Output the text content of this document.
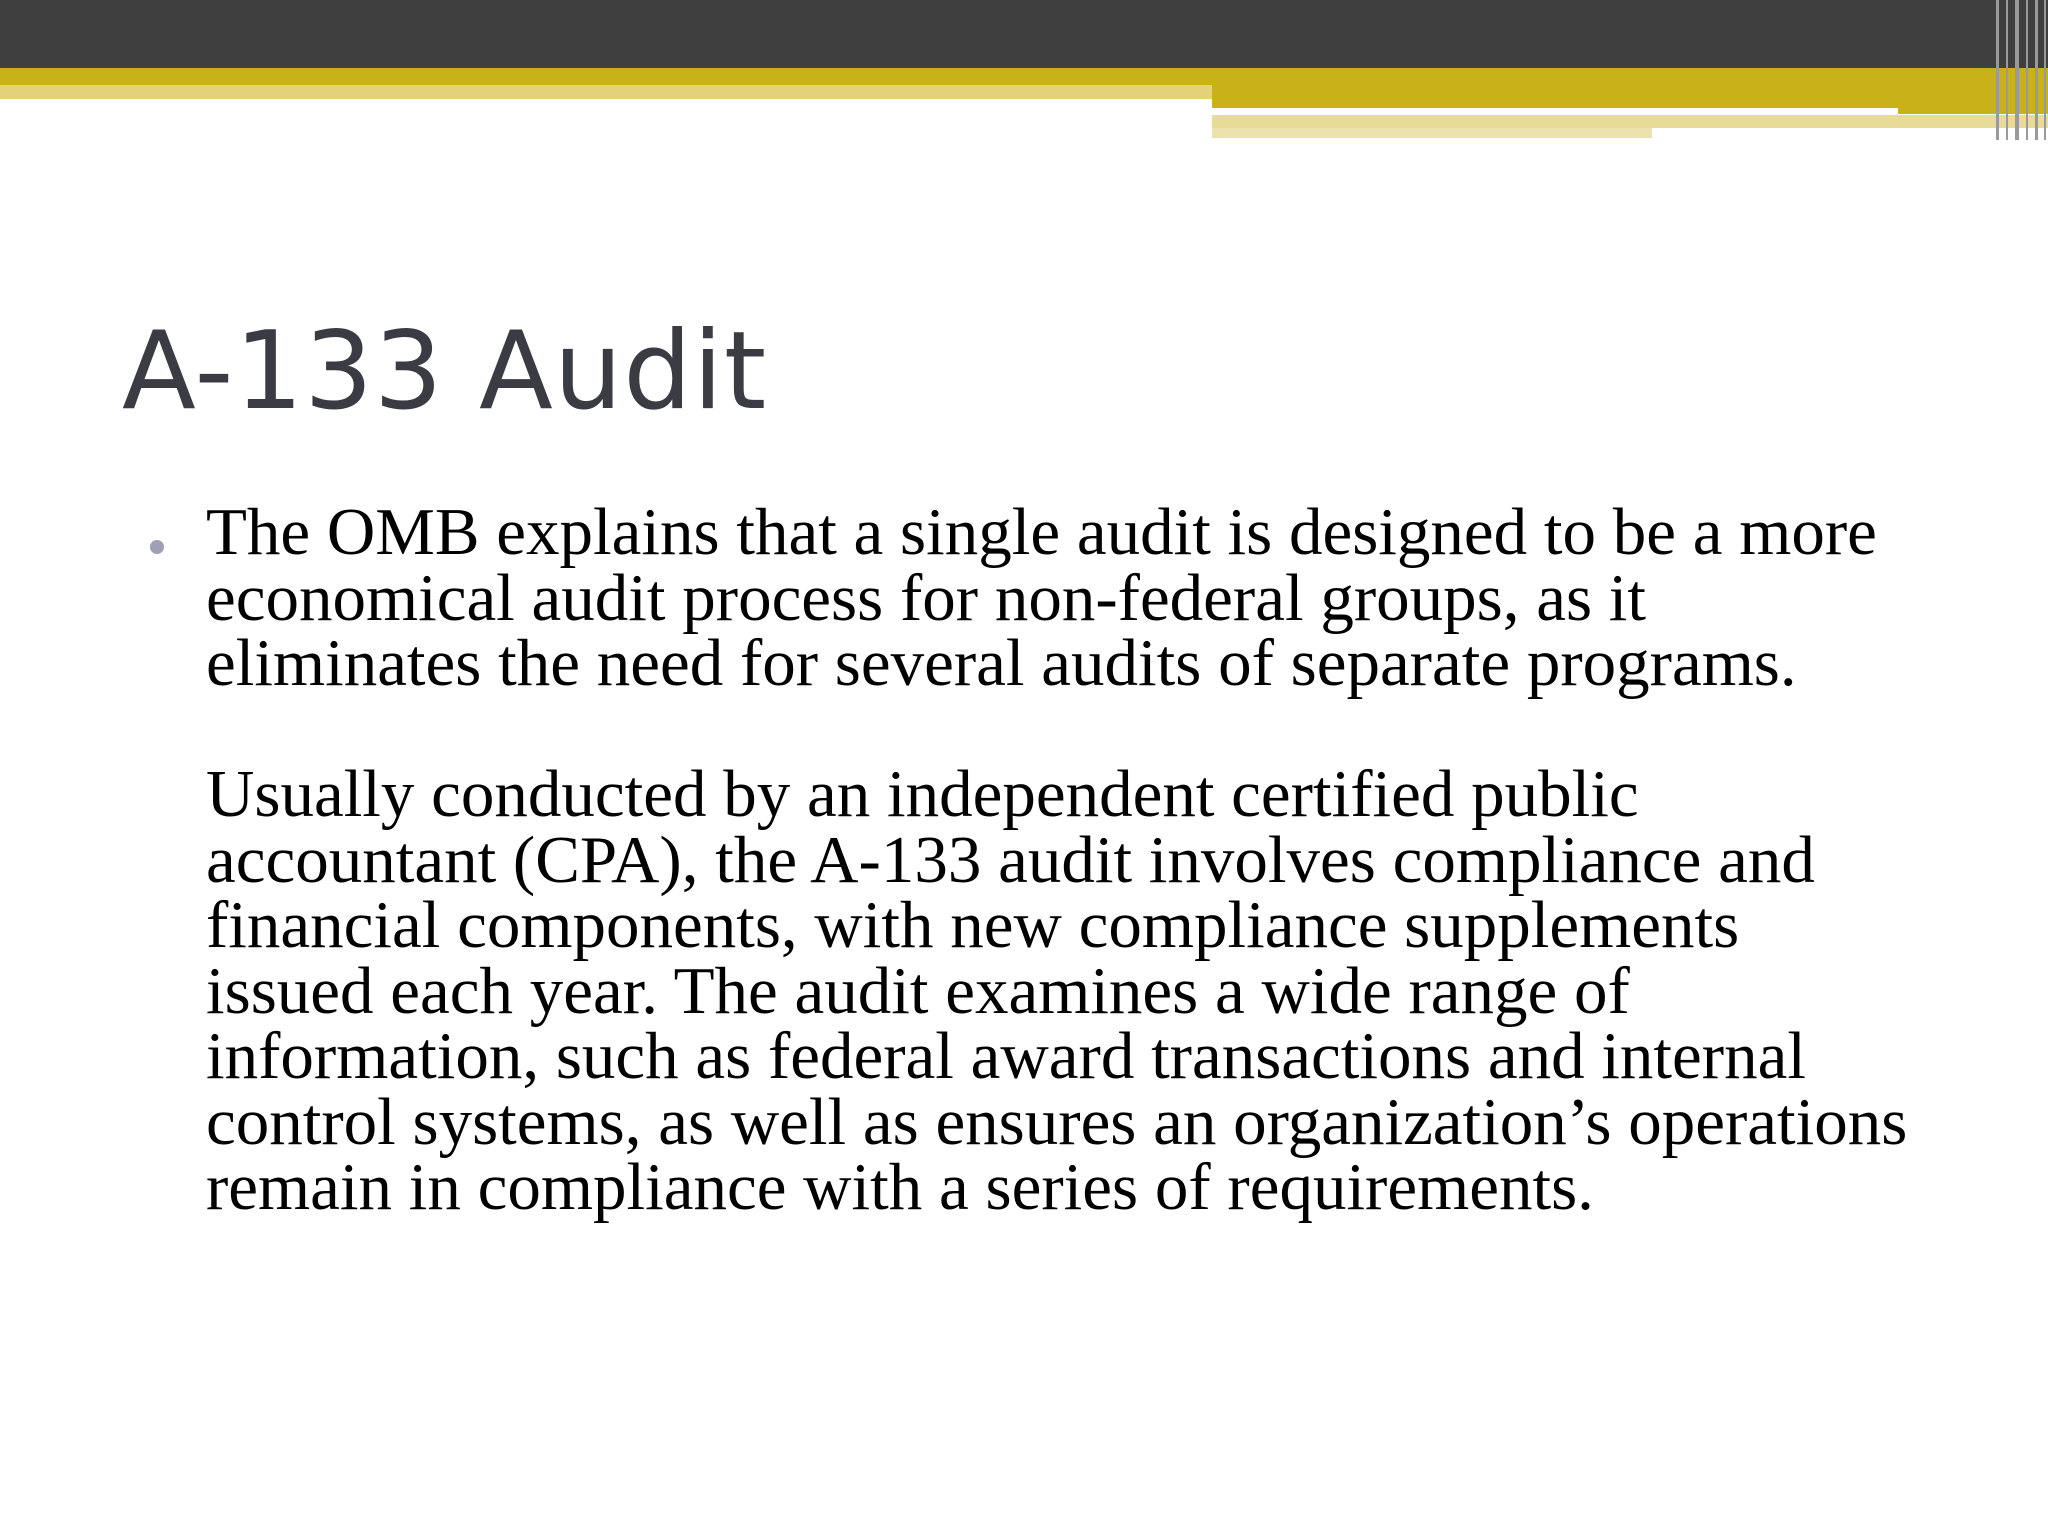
A-133 Audit

The OMB explains that a single audit is designed to be a more economical audit process for non-federal groups, as it eliminates the need for several audits of separate programs.

Usually conducted by an independent certified public accountant (CPA), the A-133 audit involves compliance and financial components, with new compliance supplements issued each year. The audit examines a wide range of information, such as federal award transactions and internal control systems, as well as ensures an organization’s operations remain in compliance with a series of requirements.
